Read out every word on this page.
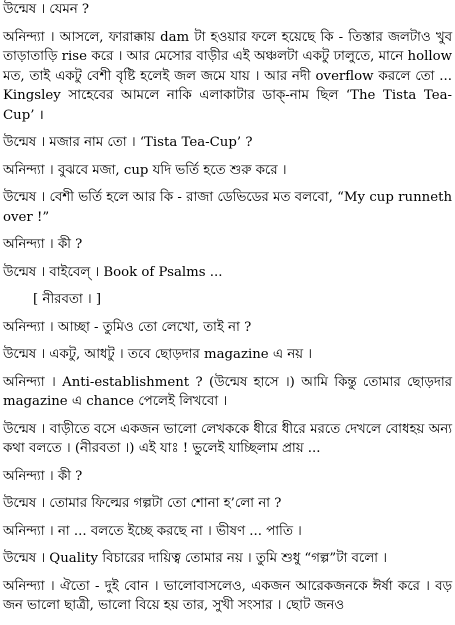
উন্মেষ । যেমন ?

অনিন্দ্যা । আসলে, ফারাক্কায় dam টা হওয়ার ফলে হয়েছে কি - তিস্তার জলটাও খুব তাড়াতাড়ি rise করে । আর মেসোর বাড়ীর এই অঞ্চলটা একটু ঢালুতে, মানে hollow মত, তাই একটু বেশী বৃষ্টি হলেই জল জমে যায় । আর নদী overflow করলে তো ... Kingsley সাহেবের আমলে নাকি এলাকাটার ডাক্‌-নাম ছিল ‘The Tista Tea-Cup’ ।

উন্মেষ । মজার নাম তো । ‘Tista Tea-Cup’ ?

অনিন্দ্যা । বুঝবে মজা, cup যদি ভর্তি হতে শুরু করে ।

উন্মেষ । বেশী ভর্তি হলে আর কি - রাজা ডেভিডের মত বলবো, “My cup runneth over !”

অনিন্দ্যা । কী ?

উন্মেষ । বাইবেল্‌ । Book of Psalms ...

[ নীরবতা । ]

অনিন্দ্যা । আচ্ছা - তুমিও তো লেখো, তাই না ?

উন্মেষ । একটু, আধটু । তবে ছোড়দার magazine এ নয় ।

অনিন্দ্যা । Anti-establishment ? (উন্মেষ হাসে ।) আমি কিন্তু তোমার ছোড়দার magazine এ chance পেলেই লিখবো ।

উন্মেষ । বাড়ীতে বসে একজন ভালো লেখককে ধীরে ধীরে মরতে দেখলে বোধহয় অন্য কথা বলতে । (নীরবতা ।) এই যাঃ ! ভুলেই যাচ্ছিলাম প্রায় ...

অনিন্দ্যা । কী ?

উন্মেষ । তোমার ফিল্মের গল্পটা তো শোনা হ’লো না ?

অনিন্দ্যা । না ... বলতে ইচ্ছে করছে না । ভীষণ ... পাতি ।

উন্মেষ । Quality বিচারের দায়িত্ব তোমার নয় । তুমি শুধু “গল্প”টা বলো ।

অনিন্দ্যা । ঐতো - দুই বোন । ভালোবাসলেও, একজন আরেকজনকে ঈর্ষা করে । বড় জন ভালো ছাত্রী, ভালো বিয়ে হয় তার, সুখী সংসার । ছোট জনও
